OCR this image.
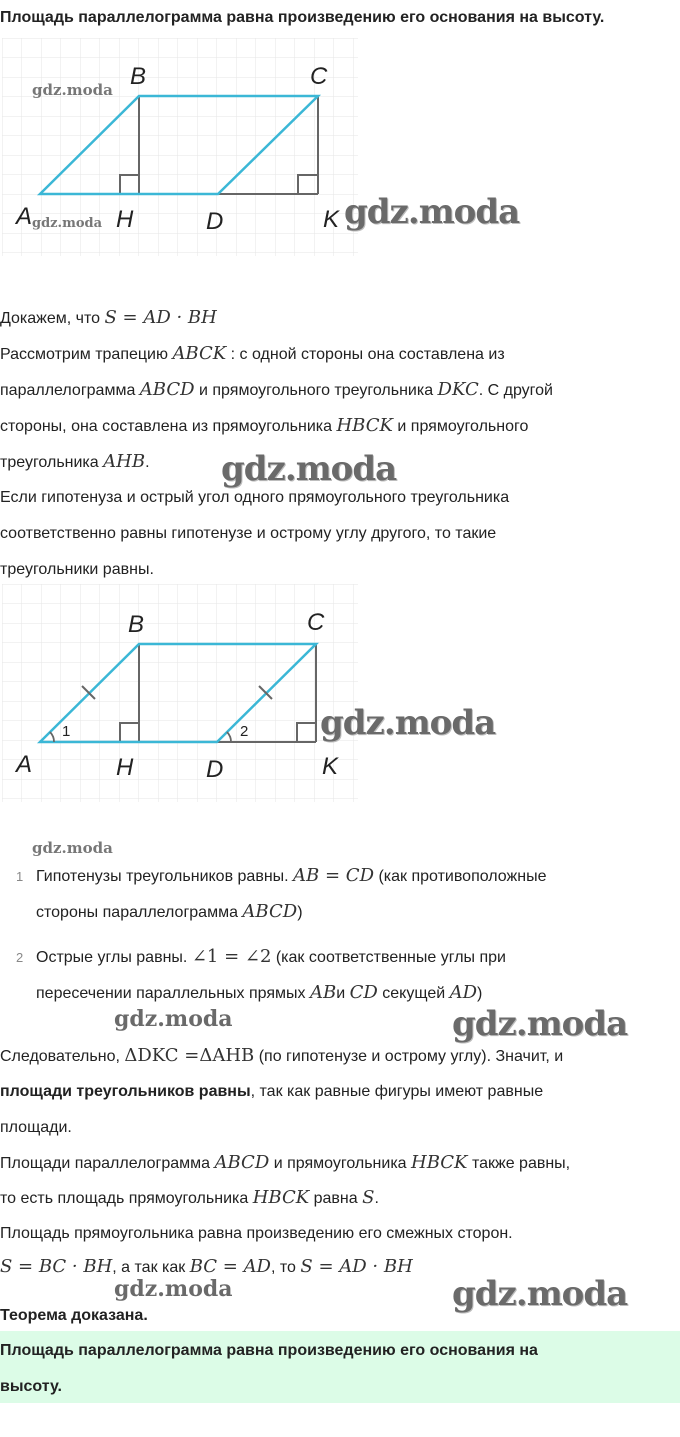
Площадь параллелограмма равна произведению его основания на высоту.
A
B	C
D
H	K
gdz.moda
gdz.moda	gdz.moda
Докажем, что S = AD · BH
Рассмотрим трапецию ABCK : с одной стороны она составлена из
параллелограмма ABCD и прямоугольного треугольника DKC. С другой
стороны, она составлена из прямоугольника HBCK и прямоугольного
треугольника AHB. gdz.moda
Если гипотенуза и острый угол одного прямоугольного треугольника
соответственно равны гипотенузе и острому углу другого, то такие
треугольники равны.
1	2
A
B	C
D
H	K
gdz.moda
gdz.moda
1 Гипотенузы треугольников равны. AB = CD (как противоположные
стороны параллелограмма ABCD)
2 Острые углы равны. ∠1 = ∠2 (как соответственные углы при
пересечении параллельных прямых ABи CD секущей AD)
gdz.moda	gdz.moda
Следовательно, ΔDKC =ΔAHB (по гипотенузе и острому углу). Значит, и
площади треугольников равны, так как равные фигуры имеют равные
площади.
Площади параллелограмма ABCD и прямоугольника HBCK также равны,
то есть площадь прямоугольника HBCK равна S.
Площадь прямоугольника равна произведению его смежных сторон.
S = BC · BH, а так как BC = AD, то S = AD · BH
gdz.moda	gdz.moda
Теорема доказана.
Площадь параллелограмма равна произведению его основания на
высоту.
